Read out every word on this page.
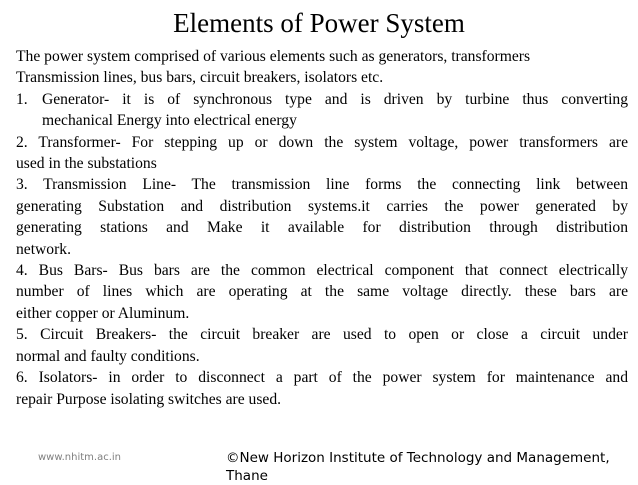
Elements of Power System

The power system comprised of various elements such as generators, transformers

Transmission lines, bus bars, circuit breakers, isolators etc.

1. Generator- it is of synchronous type and is driven by turbine thus converting

mechanical Energy into electrical energy

2. Transformer- For stepping up or down the system voltage, power transformers are

used in the substations

3. Transmission Line- The transmission line forms the connecting link between

generating Substation and distribution systems.it carries the power generated by

generating stations and Make it available for distribution through distribution

network.

4. Bus Bars- Bus bars are the common electrical component that connect electrically

number of lines which are operating at the same voltage directly. these bars are

either copper or Aluminum.

5. Circuit Breakers- the circuit breaker are used to open or close a circuit under

normal and faulty conditions.

6. Isolators- in order to disconnect a part of the power system for maintenance and

repair Purpose isolating switches are used.

www.nhitm.ac.in	©New Horizon Institute of Technology and Management,
Thane
